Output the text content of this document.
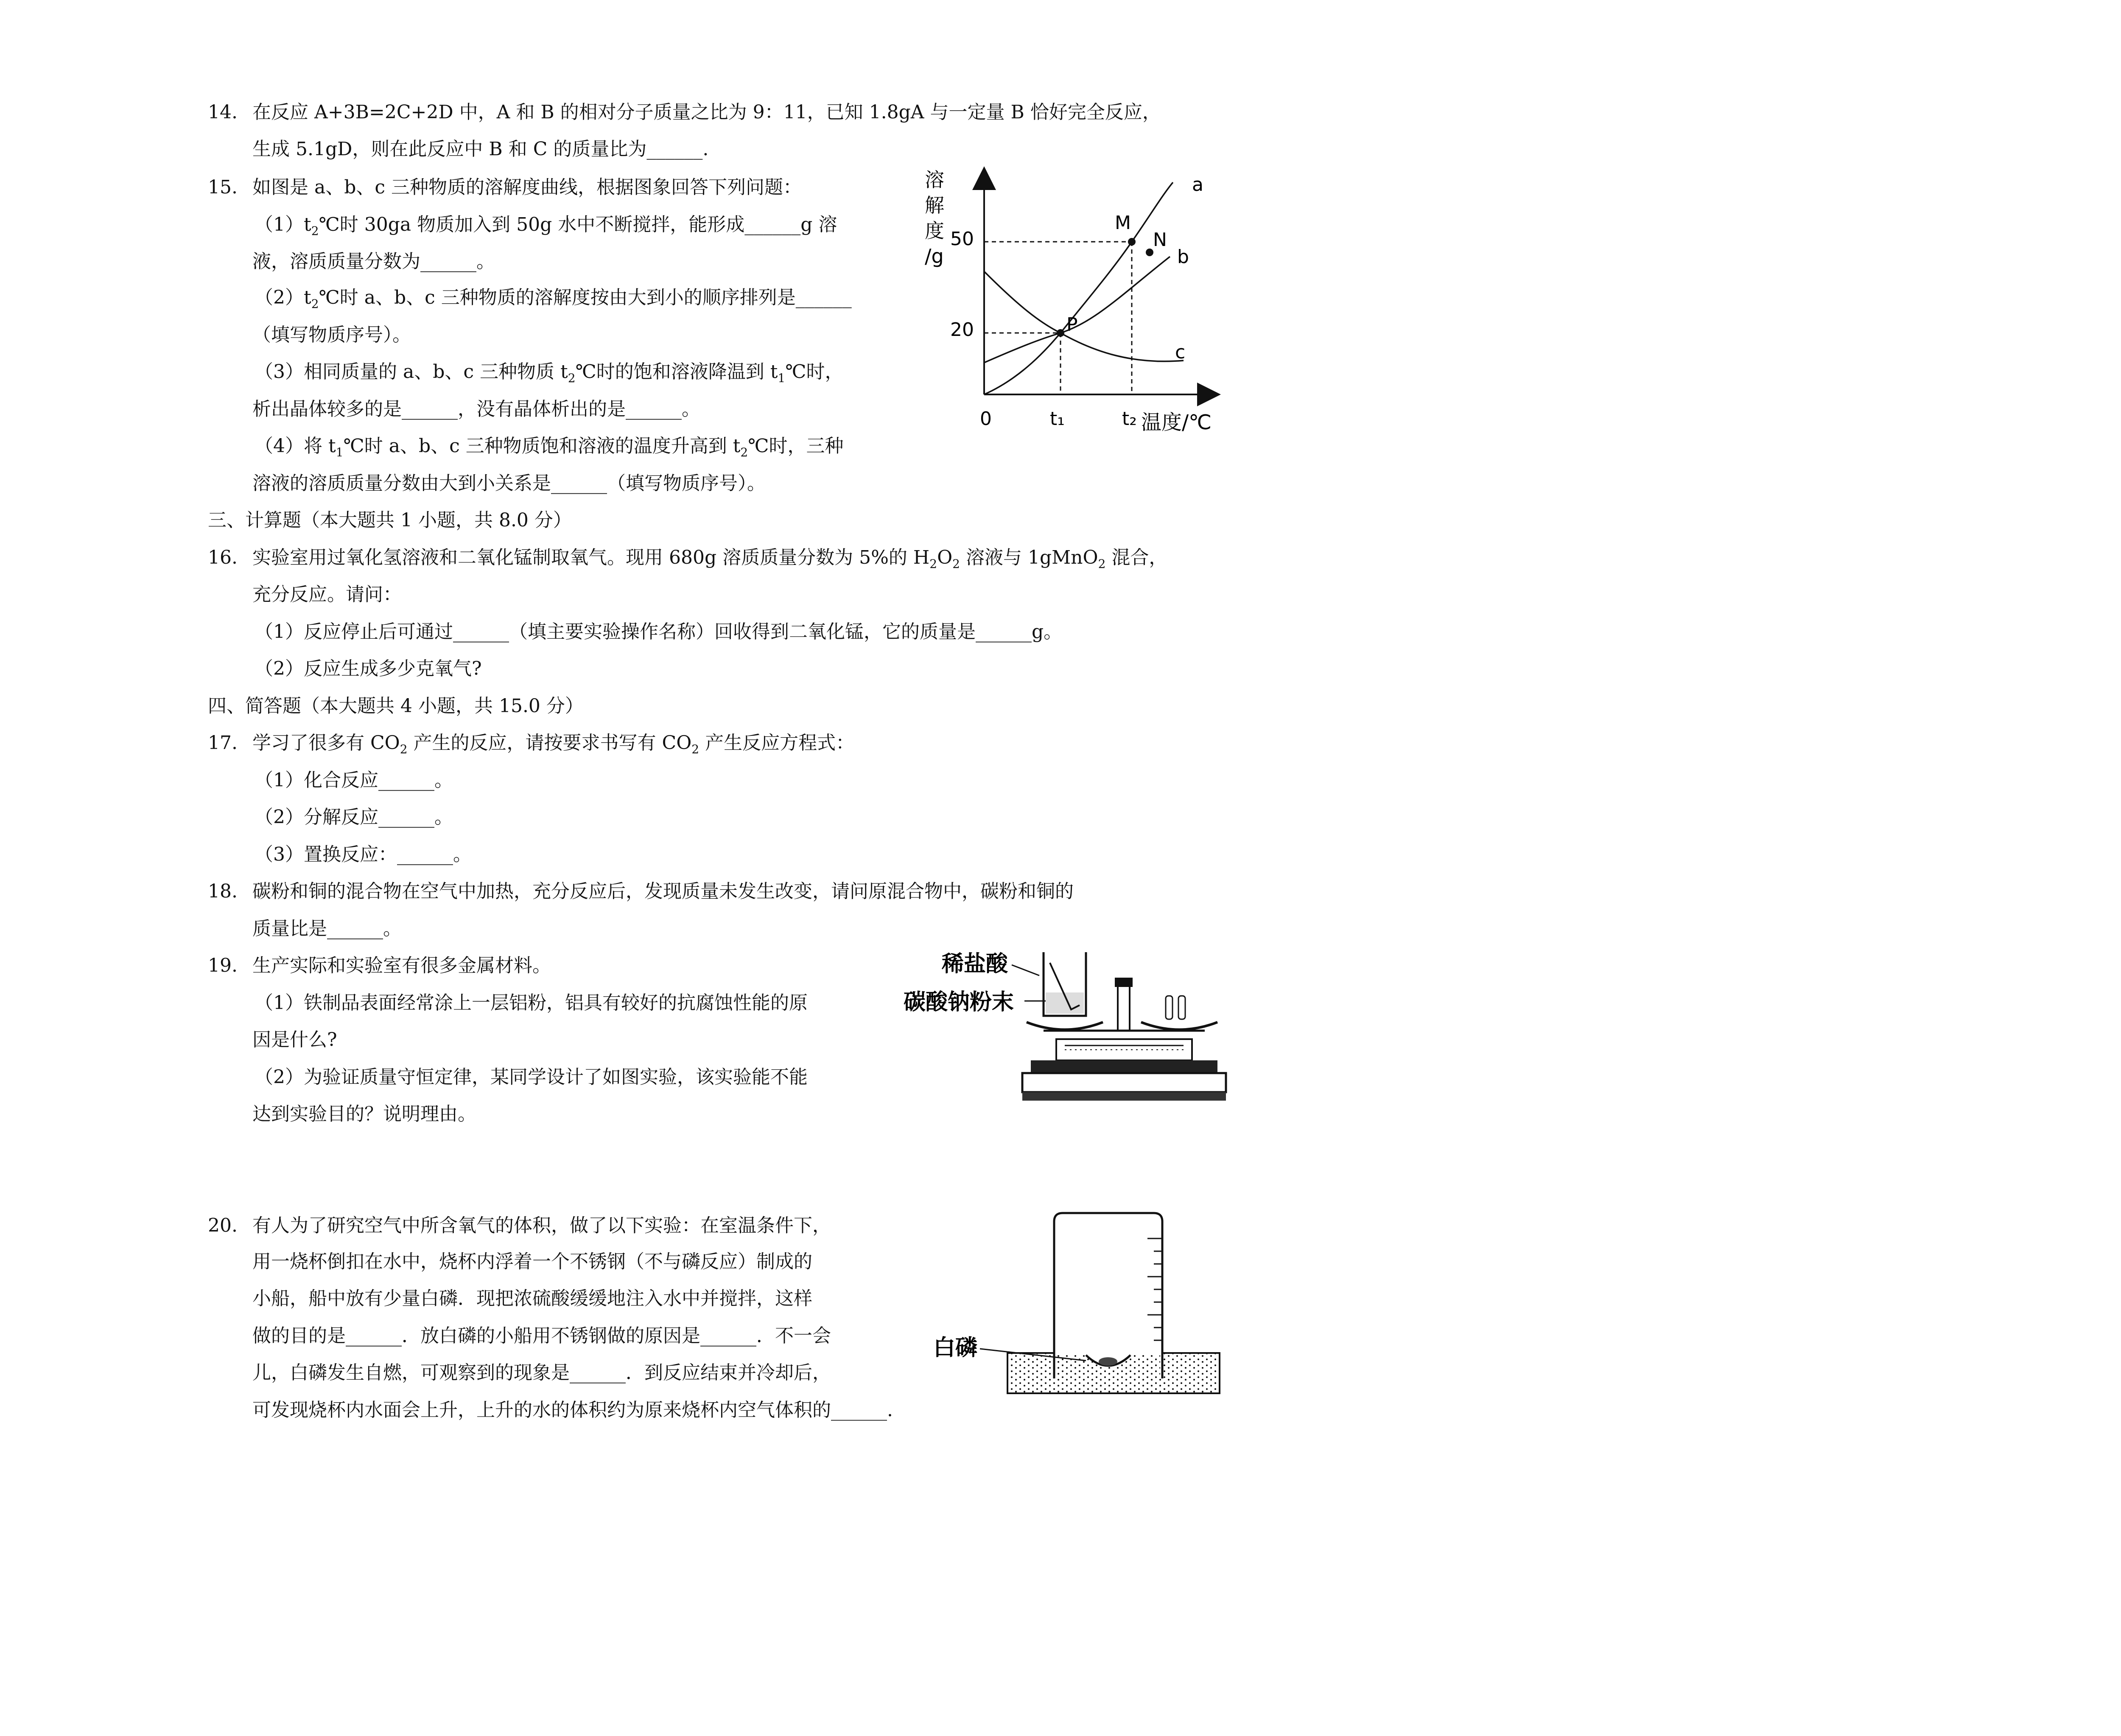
14. 在反应 A+3B=2C+2D 中，A 和 B 的相对分子质量之比为 9：11，已知 1.8gA 与一定量 B 恰好完全反应，
生成 5.1gD，则在此反应中 B 和 C 的质量比为______.
15. 如图是 a、b、c 三种物质的溶解度曲线，根据图象回答下列问题：
$(1)t_2℃$时 30ga 物质加入到 50g 水中不断搅拌，能形成______g 溶
液，溶质质量分数为______。
$(2)t_2℃$时 a、b、c 三种物质的溶解度按由大到小的顺序排列是______
（填写物质序号）。
（3）相同质量的 a、b、c 三种物质 $t_2℃$时的饱和溶液降温到 $t_1℃$时，
析出晶体较多的是______，没有晶体析出的是______。
（4）将 $t_1℃$时 a、b、c 三种物质饱和溶液的温度升高到 $t_2℃$时，三种
溶液的溶质质量分数由大到小关系是______（填写物质序号）。
溶
解
度
/g
50
20
0	t₁	t₂ 温度/℃
P
M
N
a
b
c
三、计算题（本大题共 1 小题，共 8.0 分）
16. 实验室用过氧化氢溶液和二氧化锰制取氧气。现用 680g 溶质质量分数为 5%的 $H_2O_2$ 溶液与 1gMnO$_2$ 混合，
充分反应。请问：
（1）反应停止后可通过______（填主要实验操作名称）回收得到二氧化锰，它的质量是______g。
（2）反应生成多少克氧气?
四、简答题（本大题共 4 小题，共 15.0 分）
17. 学习了很多有 $CO_2$ 产生的反应，请按要求书写有 $CO_2$ 产生反应方程式：
（1）化合反应______。
（2）分解反应______。
（3）置换反应：______。
18. 碳粉和铜的混合物在空气中加热，充分反应后，发现质量未发生改变，请问原混合物中，碳粉和铜的
质量比是______。
19. 生产实际和实验室有很多金属材料。
（1）铁制品表面经常涂上一层铝粉，铝具有较好的抗腐蚀性能的原
因是什么?
（2）为验证质量守恒定律，某同学设计了如图实验，该实验能不能
达到实验目的？说明理由。
稀盐酸
碳酸钠粉末
20. 有人为了研究空气中所含氧气的体积，做了以下实验：在室温条件下，
用一烧杯倒扣在水中，烧杯内浮着一个不锈钢（不与磷反应）制成的
小船，船中放有少量白磷．现把浓硫酸缓缓地注入水中并搅拌，这样
做的目的是______．放白磷的小船用不锈钢做的原因是______．不一会
儿，白磷发生自燃，可观察到的现象是______．到反应结束并冷却后，
可发现烧杯内水面会上升，上升的水的体积约为原来烧杯内空气体积的______.
白磷
